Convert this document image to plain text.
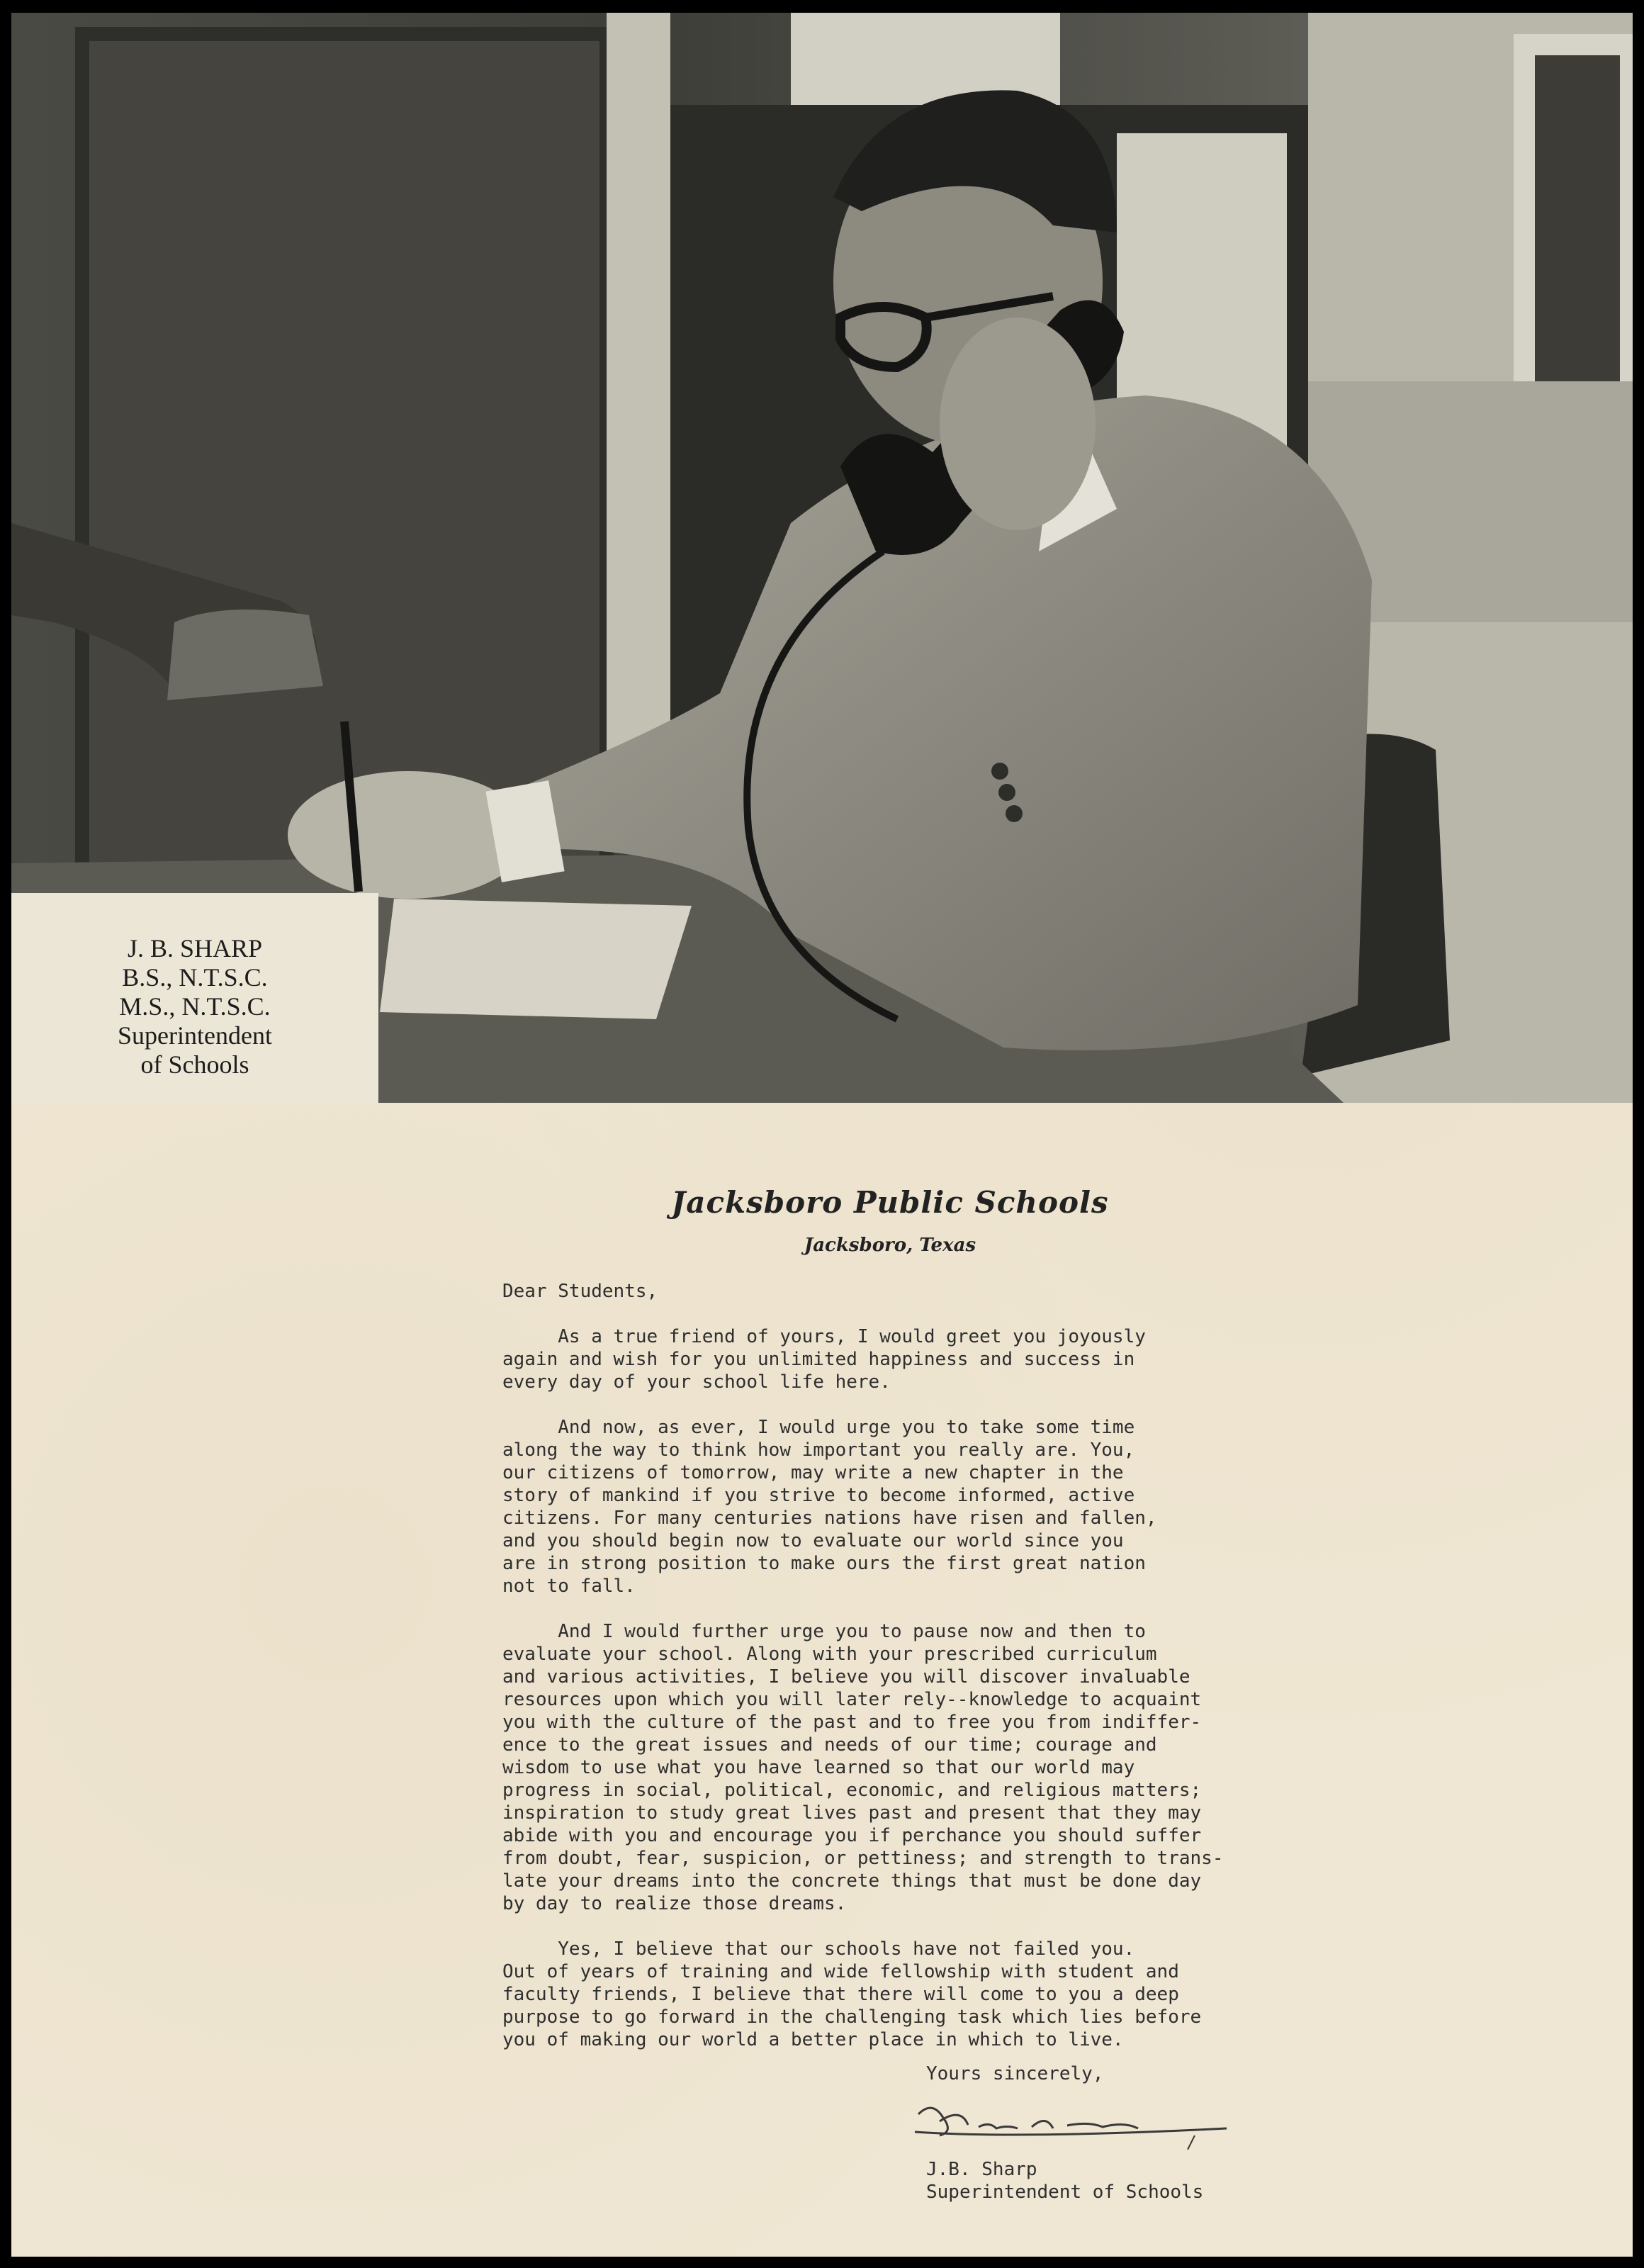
J. B. SHARP
B.S., N.T.S.C.
M.S., N.T.S.C.
Superintendent
of Schools
Jacksboro Public Schools
Jacksboro, Texas

Dear Students,

As a true friend of yours, I would greet you joyously
again and wish for you unlimited happiness and success in
every day of your school life here.

And now, as ever, I would urge you to take some time
along the way to think how important you really are. You,
our citizens of tomorrow, may write a new chapter in the
story of mankind if you strive to become informed, active
citizens. For many centuries nations have risen and fallen,
and you should begin now to evaluate our world since you
are in strong position to make ours the first great nation
not to fall.

And I would further urge you to pause now and then to
evaluate your school. Along with your prescribed curriculum
and various activities, I believe you will discover invaluable
resources upon which you will later rely--knowledge to acquaint
you with the culture of the past and to free you from indiffer-
ence to the great issues and needs of our time; courage and
wisdom to use what you have learned so that our world may
progress in social, political, economic, and religious matters;
inspiration to study great lives past and present that they may
abide with you and encourage you if perchance you should suffer
from doubt, fear, suspicion, or pettiness; and strength to trans-
late your dreams into the concrete things that must be done day
by day to realize those dreams.

Yes, I believe that our schools have not failed you.
Out of years of training and wide fellowship with student and
faculty friends, I believe that there will come to you a deep
purpose to go forward in the challenging task which lies before
you of making our world a better place in which to live.

Yours sincerely,
J.B. Sharp
Superintendent of Schools
